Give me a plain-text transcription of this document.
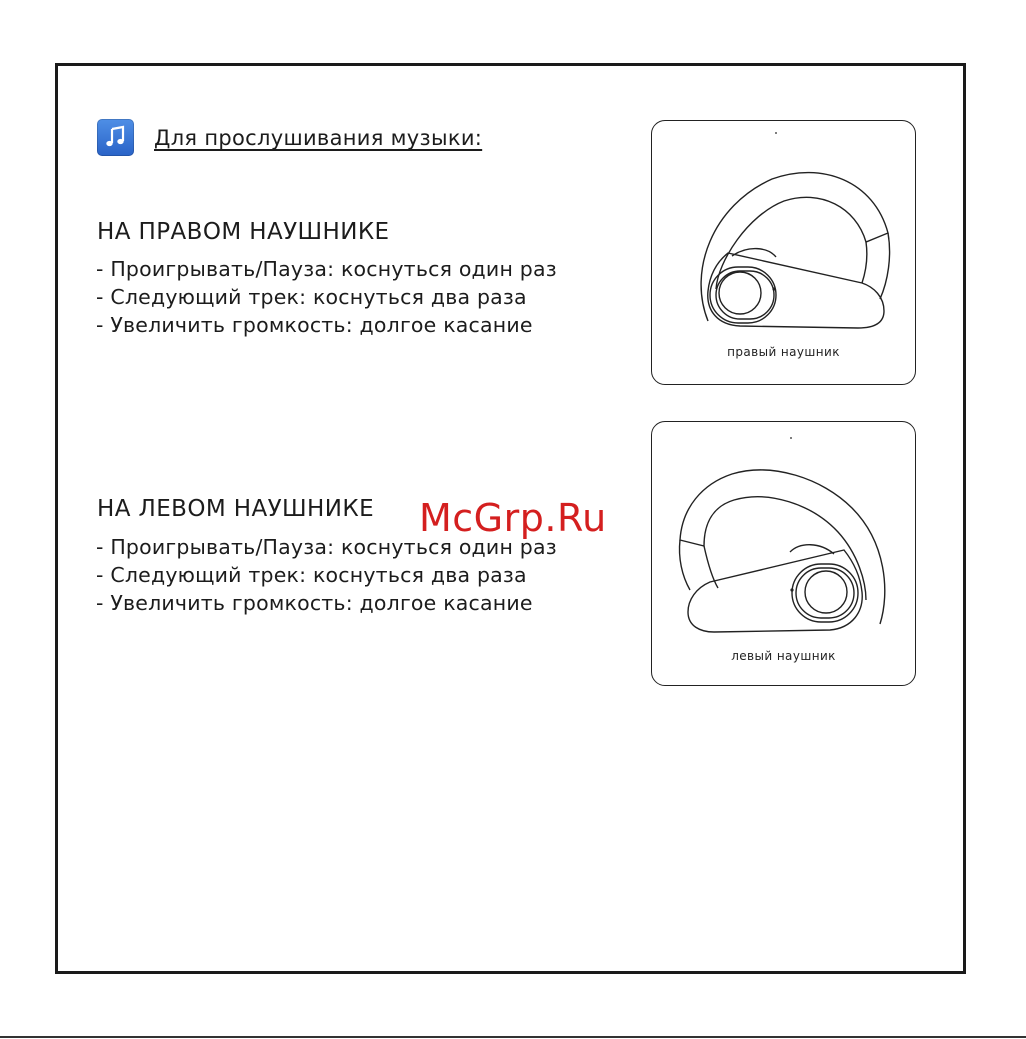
Для прослушивания музыки:
НА ПРАВОМ НАУШНИКЕ
- Проигрывать/Пауза: коснуться один раз
- Следующий трек: коснуться два раза
- Увеличить громкость: долгое касание
НА ЛЕВОМ НАУШНИКЕ
- Проигрывать/Пауза: коснуться один раз
- Следующий трек: коснуться два раза
- Увеличить громкость: долгое касание
McGrp.Ru
правый наушник
левый наушник
